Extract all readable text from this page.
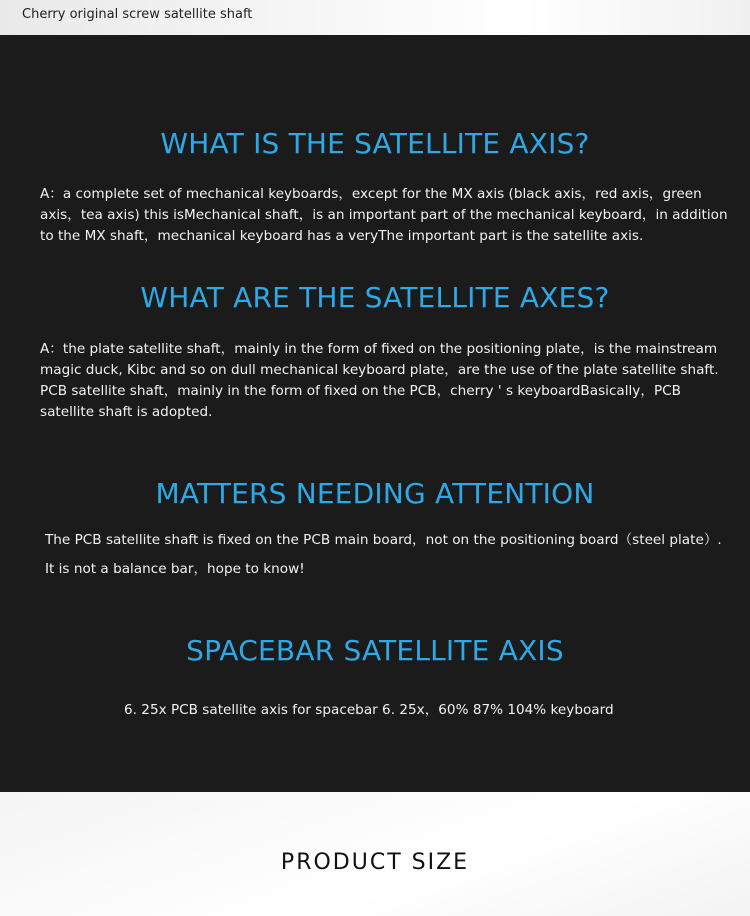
Cherry original screw satellite shaft
WHAT IS THE SATELLITE AXIS?
A：a complete set of mechanical keyboards，except for the MX axis (black axis，red axis，green axis，tea axis) this isMechanical shaft，is an important part of the mechanical keyboard，in addition to the MX shaft，mechanical keyboard has a veryThe important part is the satellite axis.
WHAT ARE THE SATELLITE AXES?
A：the plate satellite shaft，mainly in the form of fixed on the positioning plate，is the mainstream magic duck, Kibc and so on dull mechanical keyboard plate，are the use of the plate satellite shaft. PCB satellite shaft，mainly in the form of fixed on the PCB，cherry ' s keyboardBasically，PCB satellite shaft is adopted.
MATTERS NEEDING ATTENTION
The PCB satellite shaft is fixed on the PCB main board，not on the positioning board（steel plate）. It is not a balance bar，hope to know!
SPACEBAR SATELLITE AXIS
6. 25x PCB satellite axis for spacebar 6. 25x，60% 87% 104% keyboard
PRODUCT SIZE
